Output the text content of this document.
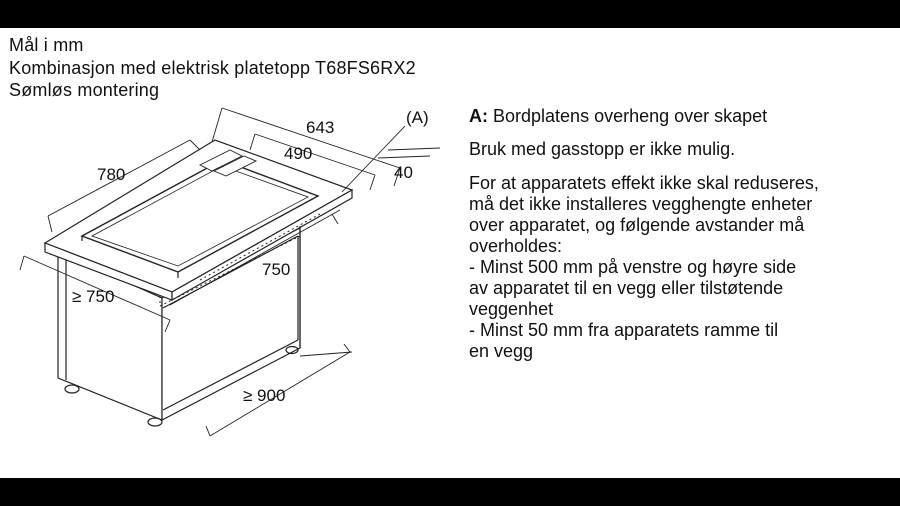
Mål i mm
Kombinasjon med elektrisk platetopp T68FS6RX2
Sømløs montering
643
490
(A)
40
780
750
≥ 750
≥ 900

A: Bordplatens overheng over skapet

Bruk med gasstopp er ikke mulig.

For at apparatets effekt ikke skal reduseres,

må det ikke installeres vegghengte enheter

over apparatet, og følgende avstander må

overholdes:

- Minst 500 mm på venstre og høyre side

av apparatet til en vegg eller tilstøtende

veggenhet

- Minst 50 mm fra apparatets ramme til

en vegg
